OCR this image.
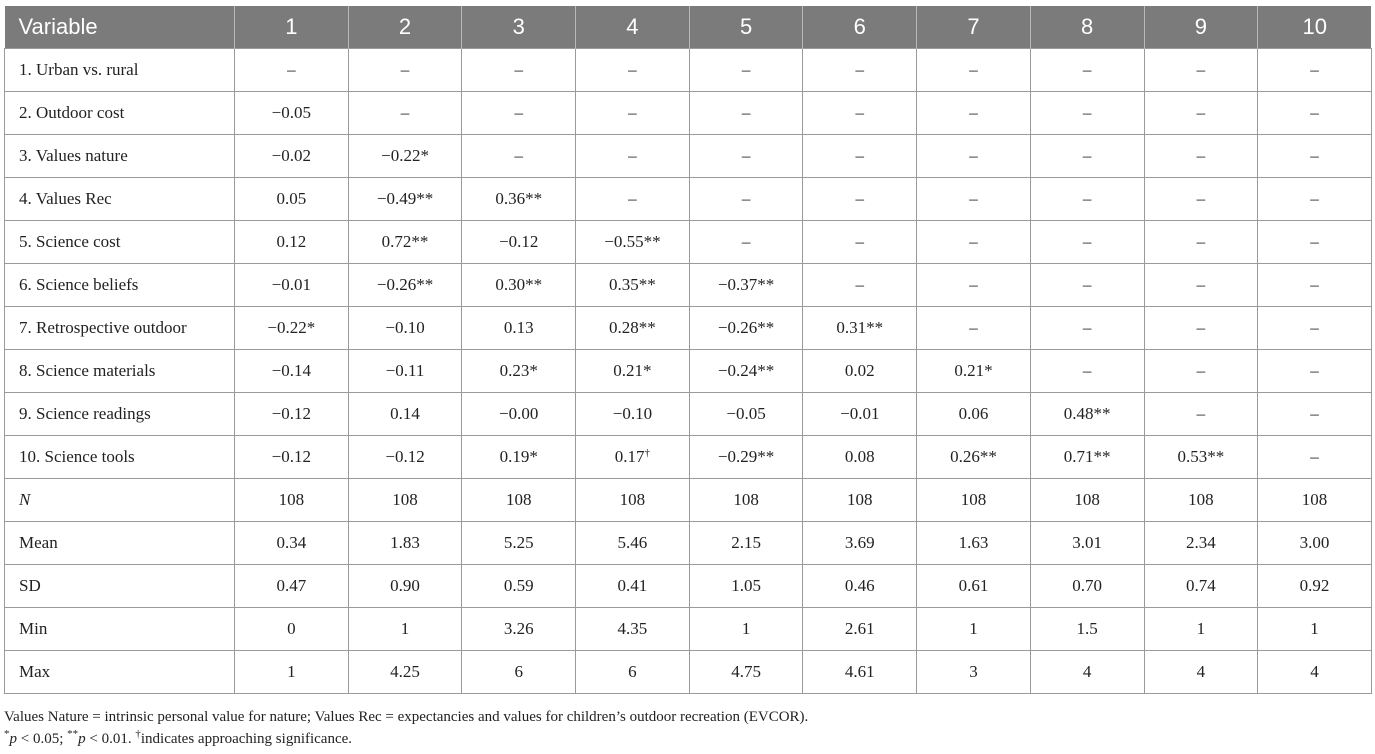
Variable	1	2	3	4	5	6	7	8	9	10
1. Urban vs. rural	–	–	–	–	–	–	–	–	–	–
2. Outdoor cost	−0.05	–	–	–	–	–	–	–	–	–
3. Values nature	−0.02	−0.22*	–	–	–	–	–	–	–	–
4. Values Rec	0.05	−0.49**	0.36**	–	–	–	–	–	–	–
5. Science cost	0.12	0.72**	−0.12	−0.55**	–	–	–	–	–	–
6. Science beliefs	−0.01	−0.26**	0.30**	0.35**	−0.37**	–	–	–	–	–
7. Retrospective outdoor	−0.22*	−0.10	0.13	0.28**	−0.26**	0.31**	–	–	–	–
8. Science materials	−0.14	−0.11	0.23*	0.21*	−0.24**	0.02	0.21*	–	–	–
9. Science readings	−0.12	0.14	−0.00	−0.10	−0.05	−0.01	0.06	0.48**	–	–
10. Science tools	−0.12	−0.12	0.19*	0.17†	−0.29**	0.08	0.26**	0.71**	0.53**	–
N	108	108	108	108	108	108	108	108	108	108
Mean	0.34	1.83	5.25	5.46	2.15	3.69	1.63	3.01	2.34	3.00
SD	0.47	0.90	0.59	0.41	1.05	0.46	0.61	0.70	0.74	0.92
Min	0	1	3.26	4.35	1	2.61	1	1.5	1	1
Max	1	4.25	6	6	4.75	4.61	3	4	4	4

Values Nature = intrinsic personal value for nature; Values Rec = expectancies and values for children’s outdoor recreation (EVCOR).

*p < 0.05; **p < 0.01. †indicates approaching significance.
